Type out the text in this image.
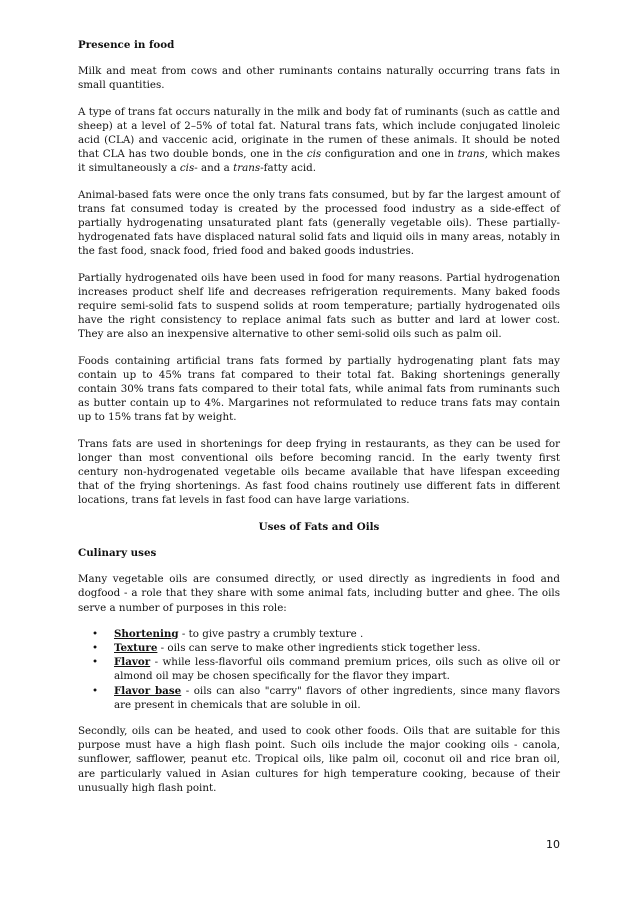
Presence in food

Milk and meat from cows and other ruminants contains naturally occurring trans fats in small quantities.

A type of trans fat occurs naturally in the milk and body fat of ruminants (such as cattle and sheep) at a level of 2–5% of total fat. Natural trans fats, which include conjugated linoleic acid (CLA) and vaccenic acid, originate in the rumen of these animals. It should be noted that CLA has two double bonds, one in the cis configuration and one in trans, which makes it simultaneously a cis- and a trans-fatty acid.

Animal-based fats were once the only trans fats consumed, but by far the largest amount of trans fat consumed today is created by the processed food industry as a side-effect of partially hydrogenating unsaturated plant fats (generally vegetable oils). These partially-hydrogenated fats have displaced natural solid fats and liquid oils in many areas, notably in the fast food, snack food, fried food and baked goods industries.

Partially hydrogenated oils have been used in food for many reasons. Partial hydrogenation increases product shelf life and decreases refrigeration requirements. Many baked foods require semi-solid fats to suspend solids at room temperature; partially hydrogenated oils have the right consistency to replace animal fats such as butter and lard at lower cost. They are also an inexpensive alternative to other semi-solid oils such as palm oil.

Foods containing artificial trans fats formed by partially hydrogenating plant fats may contain up to 45% trans fat compared to their total fat. Baking shortenings generally contain 30% trans fats compared to their total fats, while animal fats from ruminants such as butter contain up to 4%. Margarines not reformulated to reduce trans fats may contain up to 15% trans fat by weight.

Trans fats are used in shortenings for deep frying in restaurants, as they can be used for longer than most conventional oils before becoming rancid. In the early twenty first century non-hydrogenated vegetable oils became available that have lifespan exceeding that of the frying shortenings. As fast food chains routinely use different fats in different locations, trans fat levels in fast food can have large variations.

Uses of Fats and Oils
Culinary uses

Many vegetable oils are consumed directly, or used directly as ingredients in food and dogfood - a role that they share with some animal fats, including butter and ghee. The oils serve a number of purposes in this role:

• Shortening - to give pastry a crumbly texture .
• Texture - oils can serve to make other ingredients stick together less.
• Flavor - while less-flavorful oils command premium prices, oils such as olive oil or almond oil may be chosen specifically for the flavor they impart.
• Flavor base - oils can also "carry" flavors of other ingredients, since many flavors are present in chemicals that are soluble in oil.

Secondly, oils can be heated, and used to cook other foods. Oils that are suitable for this purpose must have a high flash point. Such oils include the major cooking oils - canola, sunflower, safflower, peanut etc. Tropical oils, like palm oil, coconut oil and rice bran oil, are particularly valued in Asian cultures for high temperature cooking, because of their unusually high flash point.

10
